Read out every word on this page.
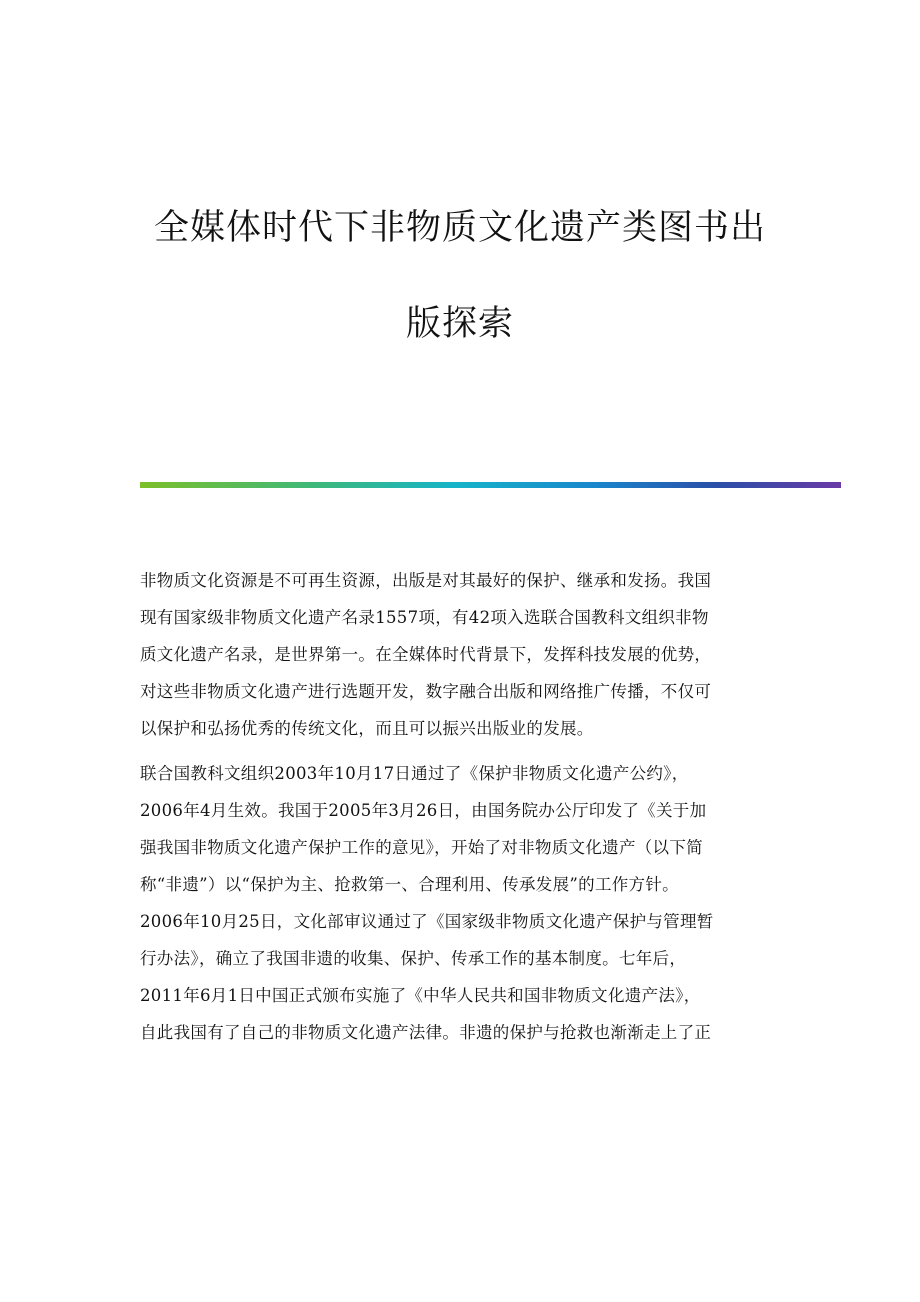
全媒体时代下非物质文化遗产类图书出
版探索
非物质文化资源是不可再生资源，出版是对其最好的保护、继承和发扬。我国
现有国家级非物质文化遗产名录1557项，有42项入选联合国教科文组织非物
质文化遗产名录，是世界第一。在全媒体时代背景下，发挥科技发展的优势，
对这些非物质文化遗产进行选题开发，数字融合出版和网络推广传播，不仅可
以保护和弘扬优秀的传统文化，而且可以振兴出版业的发展。
联合国教科文组织2003年10月17日通过了《保护非物质文化遗产公约》，
2006年4月生效。我国于2005年3月26日，由国务院办公厅印发了《关于加
强我国非物质文化遗产保护工作的意见》，开始了对非物质文化遗产（以下简
称“非遗”）以“保护为主、抢救第一、合理利用、传承发展”的工作方针。
2006年10月25日，文化部审议通过了《国家级非物质文化遗产保护与管理暂
行办法》，确立了我国非遗的收集、保护、传承工作的基本制度。七年后，
2011年6月1日中国正式颁布实施了《中华人民共和国非物质文化遗产法》，
自此我国有了自己的非物质文化遗产法律。非遗的保护与抢救也渐渐走上了正
